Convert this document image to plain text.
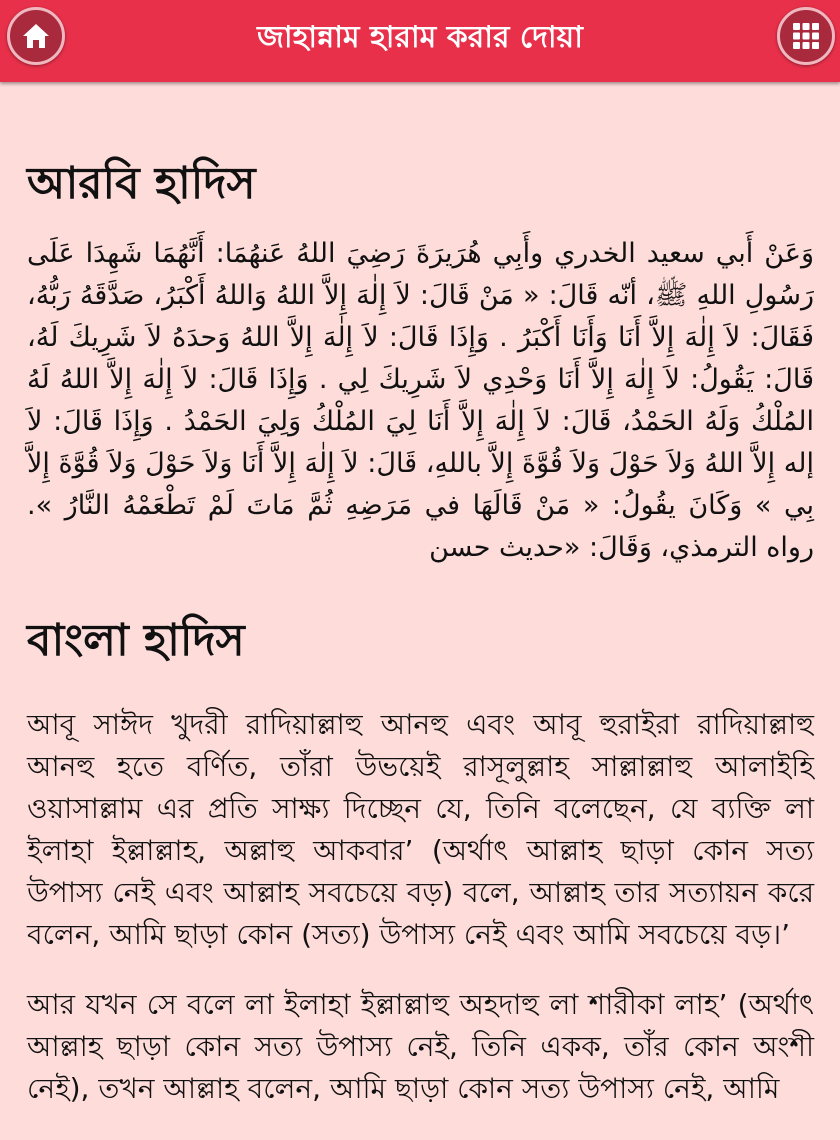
জাহান্নাম হারাম করার দোয়া
আরবি হাদিস

وَعَنْ أَبي سعيد الخدري وأَبِي هُرَيرَةَ رَضِيَ اللهُ عَنهُمَا: أَنَّهُمَا شَهِدَا عَلَى رَسُولِ اللهِ ﷺ، أنّه قَالَ: « مَنْ قَالَ: لاَ إِلٰهَ إِلاَّ اللهُ وَاللهُ أَكْبَرُ، صَدَّقَهُ رَبُّهُ، فَقَالَ: لاَ إِلٰهَ إِلاَّ أَنَا وَأَنَا أَكْبَرُ . وَإِذَا قَالَ: لاَ إِلٰهَ إِلاَّ اللهُ وَحدَهُ لاَ شَرِيكَ لَهُ، قَالَ: يَقُولُ: لاَ إِلٰهَ إِلاَّ أَنَا وَحْدِي لاَ شَرِيكَ لِي . وَإِذَا قَالَ: لاَ إِلٰهَ إِلاَّ اللهُ لَهُ المُلْكُ وَلَهُ الحَمْدُ، قَالَ: لاَ إِلٰهَ إِلاَّ أَنَا لِيَ المُلْكُ وَلِيَ الحَمْدُ . وَإِذَا قَالَ: لاَ إله إِلاَّ اللهُ وَلاَ حَوْلَ وَلاَ قُوَّةَ إِلاَّ باللهِ، قَالَ: لاَ إِلٰهَ إِلاَّ أَنَا وَلاَ حَوْلَ وَلاَ قُوَّةَ إِلاَّ بِي » وَكَانَ يقُولُ: « مَنْ قَالَهَا في مَرَضِهِ ثُمَّ مَاتَ لَمْ تَطْعَمْهُ النَّارُ ». رواه الترمذي، وَقَالَ: «حديث حسن

বাংলা হাদিস

আবূ সাঈদ খুদরী রাদিয়াল্লাহু আনহু এবং আবূ হুরাইরা রাদিয়াল্লাহু আনহু হতে বর্ণিত, তাঁরা উভয়েই রাসূলুল্লাহ সাল্লাল্লাহু আলাইহি ওয়াসাল্লাম এর প্রতি সাক্ষ্য দিচ্ছেন যে, তিনি বলেছেন, যে ব্যক্তি লা ইলাহা ইল্লাল্লাহ, অল্লাহু আকবার’ (অর্থাৎ আল্লাহ ছাড়া কোন সত্য উপাস্য নেই এবং আল্লাহ সবচেয়ে বড়) বলে, আল্লাহ তার সত্যায়ন করে বলেন, আমি ছাড়া কোন (সত্য) উপাস্য নেই এবং আমি সবচেয়ে বড়।’

আর যখন সে বলে লা ইলাহা ইল্লাল্লাহু অহদাহু লা শারীকা লাহ’ (অর্থাৎ আল্লাহ ছাড়া কোন সত্য উপাস্য নেই, তিনি একক, তাঁর কোন অংশী নেই), তখন আল্লাহ বলেন, আমি ছাড়া কোন সত্য উপাস্য নেই, আমি
